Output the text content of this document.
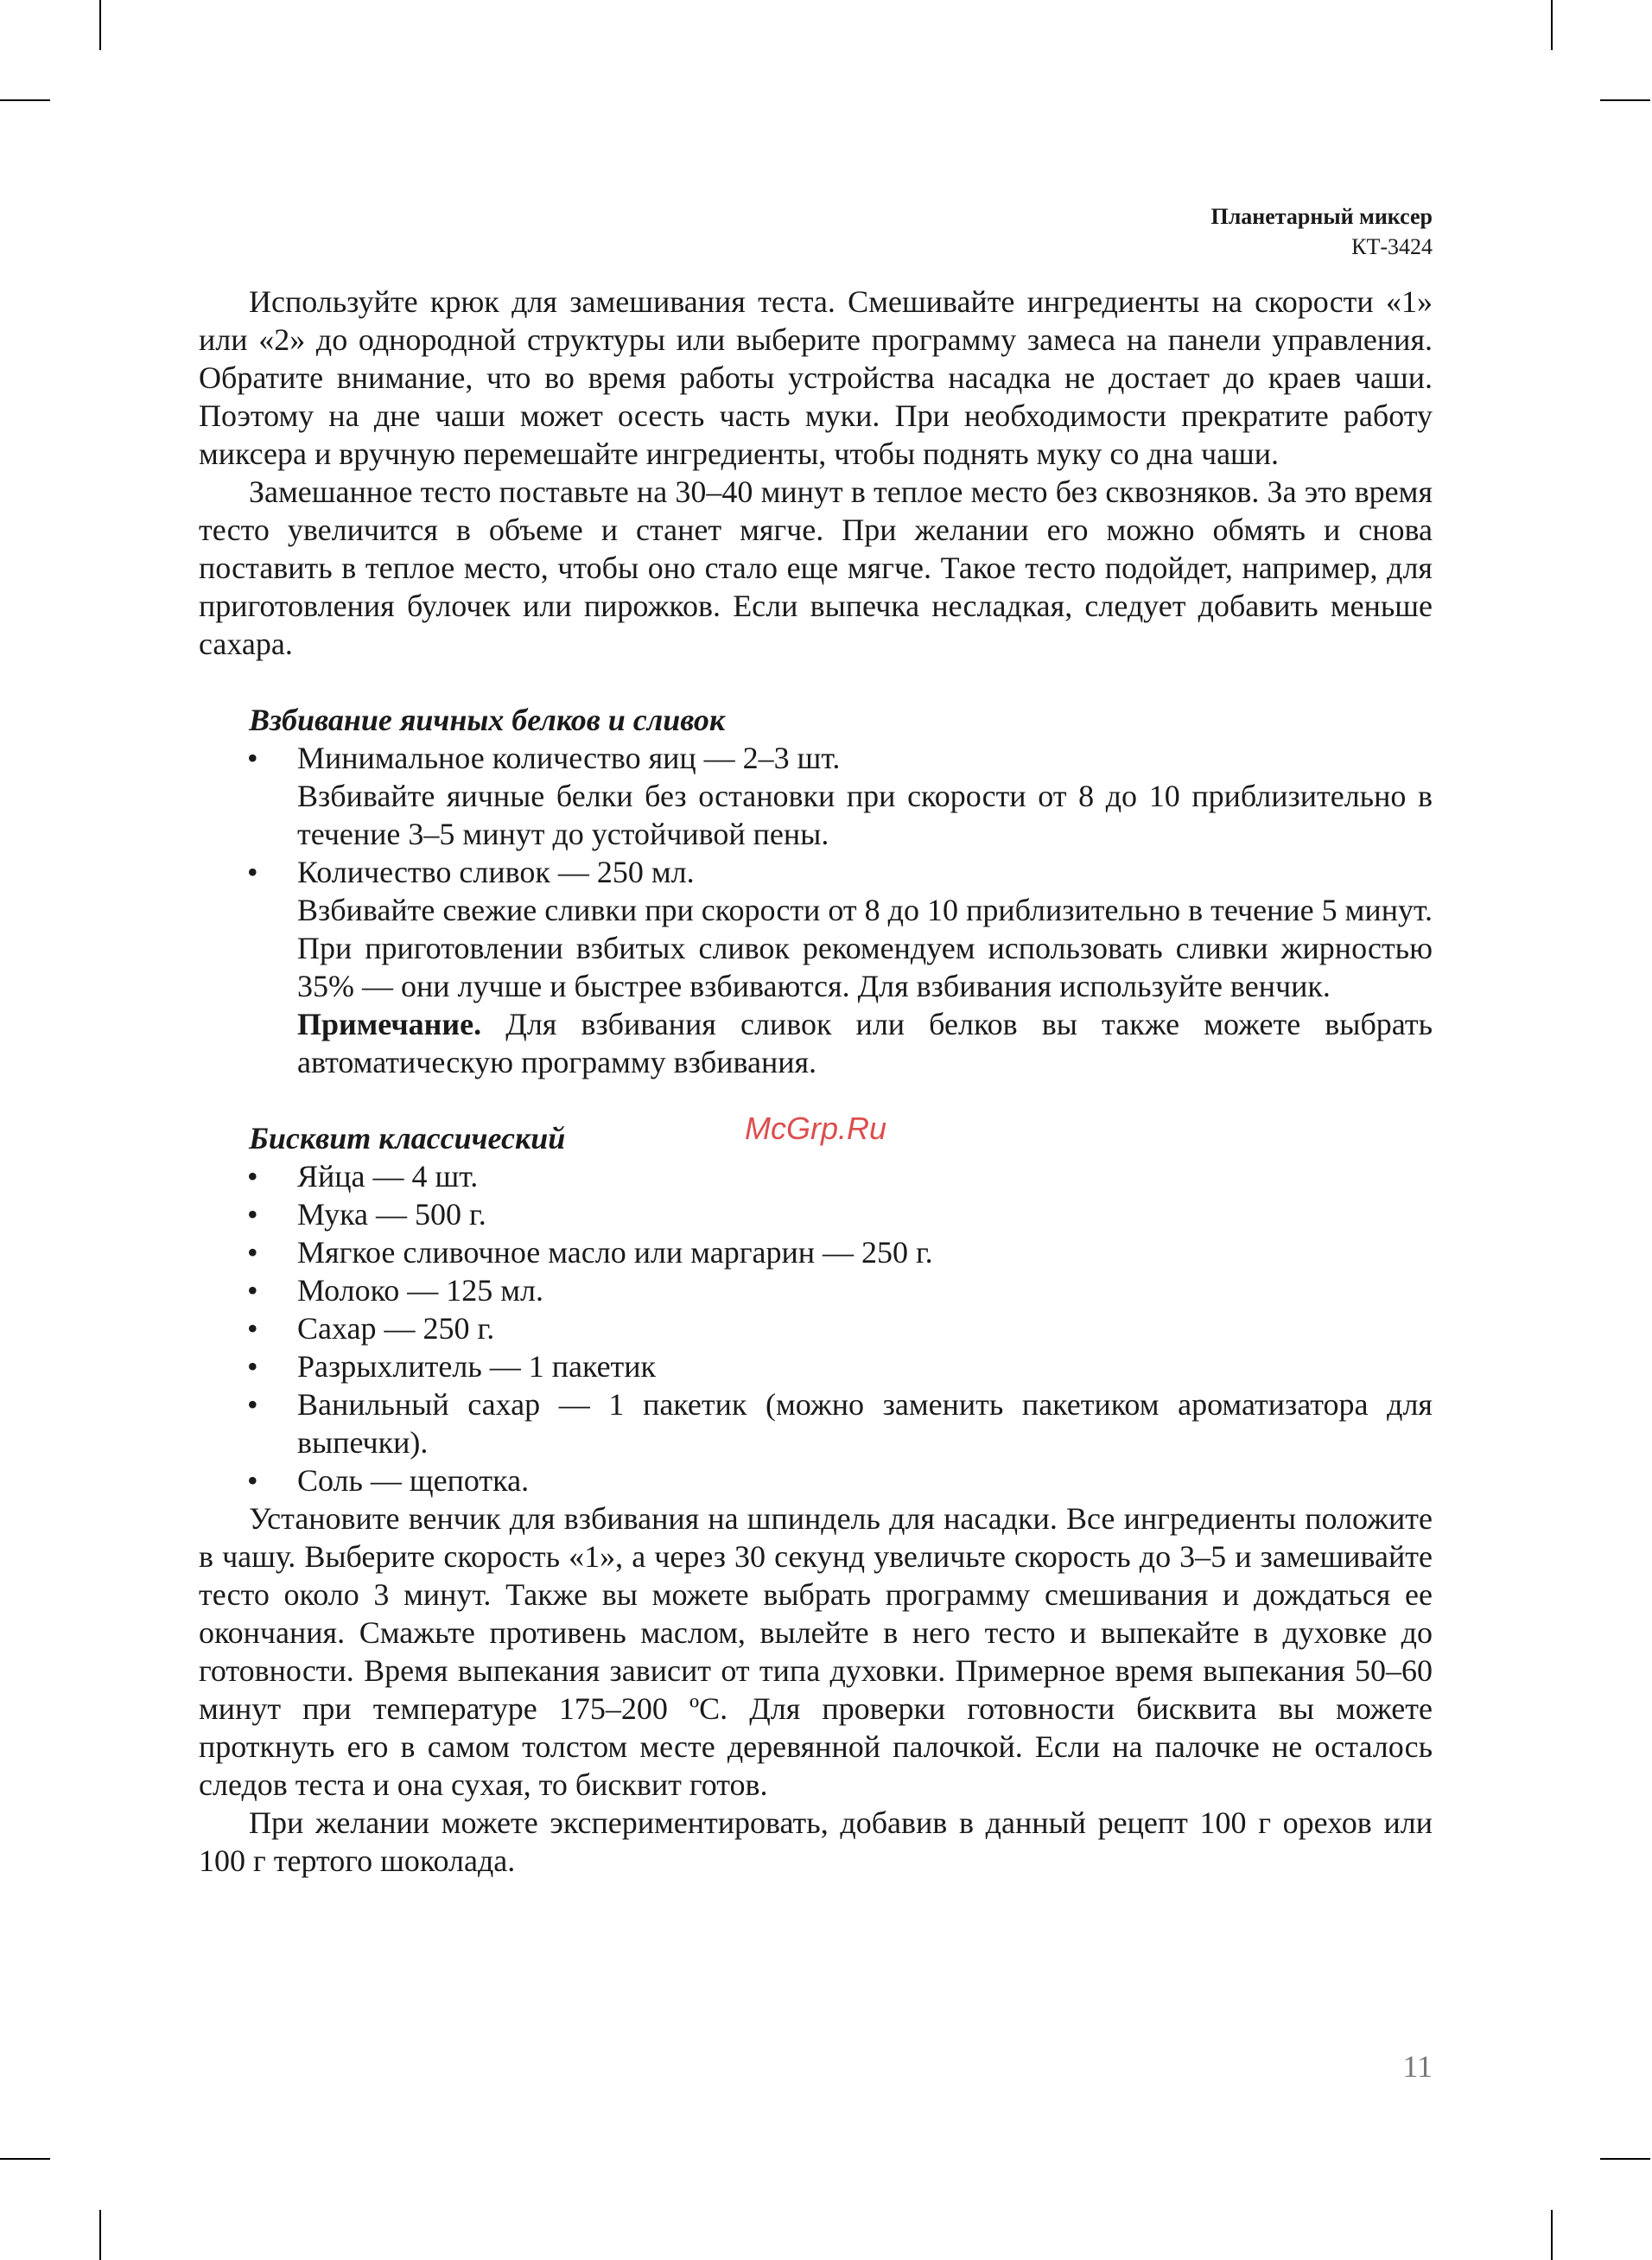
Планетарный миксер
КТ-3424

Используйте крюк для замешивания теста. Смешивайте ингредиенты на скорости «1» или «2» до однородной структуры или выберите программу замеса на панели управления. Обратите внимание, что во время работы устройства насадка не достает до краев чаши. Поэтому на дне чаши может осесть часть муки. При необходимости прекратите работу миксера и вручную перемешайте ингредиенты, чтобы поднять муку со дна чаши.

Замешанное тесто поставьте на 30–40 минут в теплое место без сквозняков. За это время тесто увеличится в объеме и станет мягче. При желании его можно обмять и снова поставить в теплое место, чтобы оно стало еще мягче. Такое тесто подойдет, например, для приготовления булочек или пирожков. Если выпечка несладкая, следует добавить меньше сахара.

Взбивание яичных белков и сливок
• Минимальное количество яиц — 2–3 шт.
Взбивайте яичные белки без остановки при скорости от 8 до 10 приблизительно в течение 3–5 минут до устойчивой пены.
• Количество сливок — 250 мл.
Взбивайте свежие сливки при скорости от 8 до 10 приблизительно в течение 5 минут. При приготовлении взбитых сливок рекомендуем использовать сливки жирностью 35% — они лучше и быстрее взбиваются. Для взбивания используйте венчик.
Примечание. Для взбивания сливок или белков вы также можете выбрать автоматическую программу взбивания.
Бисквит классический
• Яйца — 4 шт.
• Мука — 500 г.
• Мягкое сливочное масло или маргарин — 250 г.
• Молоко — 125 мл.
• Сахар — 250 г.
• Разрыхлитель — 1 пакетик
• Ванильный сахар — 1 пакетик (можно заменить пакетиком ароматизатора для выпечки).
• Соль — щепотка.

Установите венчик для взбивания на шпиндель для насадки. Все ингредиенты положите в чашу. Выберите скорость «1», а через 30 секунд увеличьте скорость до 3–5 и замешивайте тесто около 3 минут. Также вы можете выбрать программу смешивания и дождаться ее окончания. Смажьте противень маслом, вылейте в него тесто и выпекайте в духовке до готовности. Время выпекания зависит от типа духовки. Примерное время выпекания 50–60 минут при температуре 175–200 ºС. Для проверки готовности бисквита вы можете проткнуть его в самом толстом месте деревянной палочкой. Если на палочке не осталось следов теста и она сухая, то бисквит готов.

При желании можете экспериментировать, добавив в данный рецепт 100 г орехов или 100 г тертого шоколада.

McGrp.Ru
11
